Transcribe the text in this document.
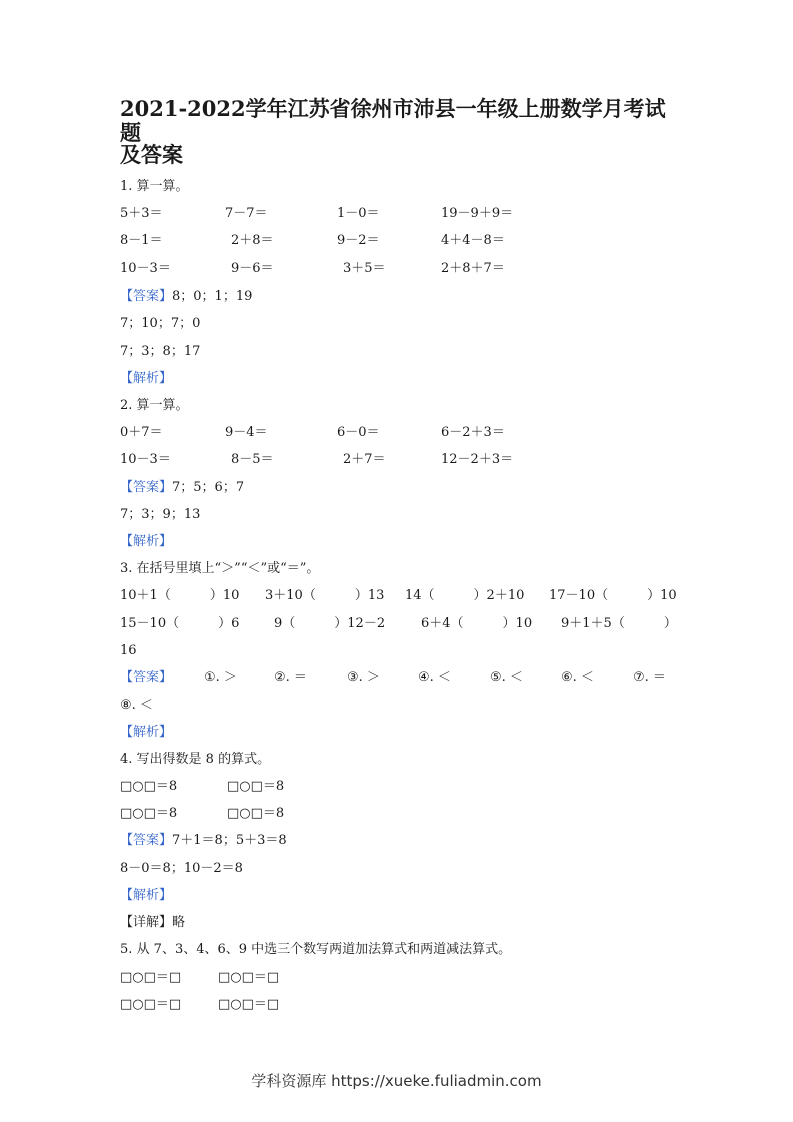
2021-2022学年江苏省徐州市沛县一年级上册数学月考试题
及答案
1. 算一算。
5＋3＝	7－7＝	1－0＝	19－9＋9＝
8－1＝	2＋8＝	9－2＝	4＋4－8＝
10－3＝	9－6＝	3＋5＝	2＋8＋7＝
【答案】8；0；1；19
7；10；7；0
7；3；8；17
【解析】
2. 算一算。
0＋7＝	9－4＝	6－0＝	6－2＋3＝
10－3＝	8－5＝	2＋7＝	12－2＋3＝
【答案】7；5；6；7
7；3；9；13
【解析】
3. 在括号里填上“＞”“＜”或“＝”。
10＋1（　　　）10 3＋10（　　　）13 14（　　　）2＋10 17－10（　　　）10
15－10（　　　）6	9（　　　）12－2	6＋4（　　　）10 9＋1＋5（　　　）
16
【答案】 ①. ＞	②. ＝	③. ＞	④. ＜	⑤. ＜	⑥. ＜	⑦. ＝
⑧. ＜
【解析】
4. 写出得数是 8 的算式。
□○□＝8	□○□＝8
□○□＝8	□○□＝8
【答案】7＋1＝8；5＋3＝8
8－0＝8；10－2＝8
【解析】
【详解】略
5. 从 7、3、4、6、9 中选三个数写两道加法算式和两道减法算式。
□○□＝□	□○□＝□
□○□＝□	□○□＝□
学科资源库 https://xueke.fuliadmin.com
